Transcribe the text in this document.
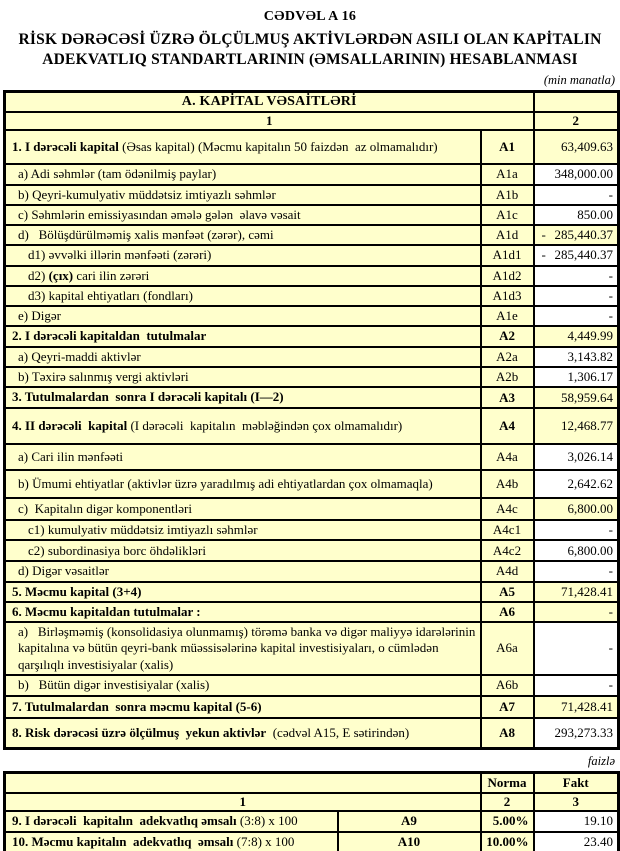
CƏDVƏL A 16
RİSK DƏRƏCƏSİ ÜZRƏ ÖLÇÜLMUŞ AKTİVLƏRDƏN ASILI OLAN KAPİTALIN
ADEKVATLIQ STANDARTLARININ (ƏMSALLARININ) HESABLANMASI
(min manatla)
A. KAPİTAL VƏSAİTLƏRİ		
1		2
1. I dərəcəli kapital (Əsas kapital) (Məcmu kapitalın 50 faizdən  az olmamalıdır)	A1	63,409.63
a) Adi səhmlər (tam ödənilmiş paylar)	A1a	348,000.00
b) Qeyri-kumulyativ müddətsiz imtiyazlı səhmlər	A1b	-
c) Səhmlərin emissiyasından əmələ gələn  əlavə vəsait	A1c	850.00
d)   Bölüşdürülməmiş xalis mənfəət (zərər), cəmi	A1d	- 285,440.37
d1) əvvəlki illərin mənfəəti (zərəri)	A1d1	- 285,440.37
d2) (çıx) cari ilin zərəri	A1d2	-
d3) kapital ehtiyatları (fondları)	A1d3	-
e) Digər	A1e	-
2. I dərəcəli kapitaldan  tutulmalar	A2	4,449.99
a) Qeyri-maddi aktivlər	A2a	3,143.82
b) Təxirə salınmış vergi aktivləri	A2b	1,306.17
3. Tutulmalardan  sonra I dərəcəli kapitalı (I—2)	A3	58,959.64
4. II dərəcəli  kapital (I dərəcəli  kapitalın  məbləğindən çox olmamalıdır)	A4	12,468.77
a) Cari ilin mənfəəti	A4a	3,026.14
b) Ümumi ehtiyatlar (aktivlər üzrə yaradılmış adi ehtiyatlardan çox olmamaqla)	A4b	2,642.62
c)  Kapitalın digər komponentləri	A4c	6,800.00
c1) kumulyativ müddətsiz imtiyazlı səhmlər	A4c1	-
c2) subordinasiya borc öhdəlikləri	A4c2	6,800.00
d) Digər vəsaitlər	A4d	-
5. Məcmu kapital (3+4)	A5	71,428.41
6. Məcmu kapitaldan tutulmalar :	A6	-
a)   Birləşməmiş (konsolidasiya olunmamış) törəmə banka və digər maliyyə idarələrinin kapitalına və bütün qeyri-bank müəssisələrinə kapital investisiyaları, o cümlədən qarşılıqlı investisiyalar (xalis)	A6a	-
b)   Bütün digər investisiyalar (xalis)	A6b	-
7. Tutulmalardan  sonra məcmu kapital (5-6)	A7	71,428.41
8. Risk dərəcəsi üzrə ölçülmuş  yekun aktivlər  (cədvəl A15, E sətirindən)	A8	293,273.33
faizlə
		Norma	Fakt
1		2	3
9. I dərəcəli  kapitalın  adekvatlıq əmsalı (3:8) x 100	A9	5.00%	19.10
10. Məcmu kapitalın  adekvatlıq  əmsalı (7:8) x 100	A10	10.00%	23.40
